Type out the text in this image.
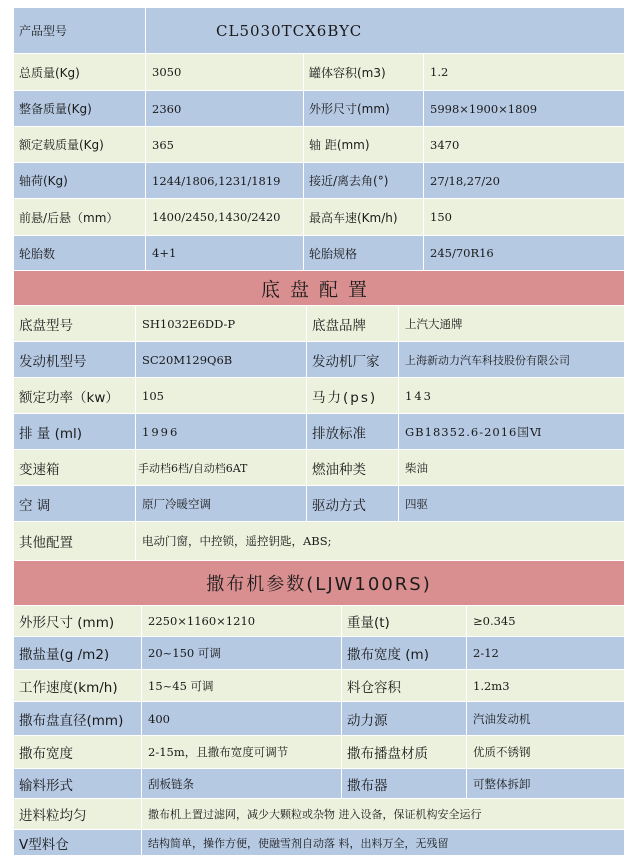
产品型号	CL5030TCX6BYC
总质量(Kg)	3050	罐体容积(m3)	1.2
整备质量(Kg)	2360	外形尺寸(mm)	5998×1900×1809
额定载质量(Kg)	365	轴 距(mm)	3470
轴荷(Kg)	1244/1806,1231/1819	接近/离去角(°)	27/18,27/20
前悬/后悬（mm）	1400/2450,1430/2420	最高车速(Km/h)	150
轮胎数	4+1	轮胎规格	245/70R16
底盘配置
底盘型号	SH1032E6DD-P	底盘品牌	上汽大通牌
发动机型号	SC20M129Q6B	发动机厂家	上海新动力汽车科技股份有限公司
额定功率（kw）	105	马力(ps)	143
排 量 (ml)	1996	排放标准	GB18352.6-2016国Ⅵ
变速箱	手动档6档/自动档6AT	燃油种类	柴油
空 调	原厂冷暖空调	驱动方式	四驱
其他配置	电动门窗，中控锁，遥控钥匙，ABS;
撒布机参数(LJW100RS)
外形尺寸 (mm)	2250×1160×1210	重量(t)	≥0.345
撒盐量(g /m2)	20~150 可调	撒布宽度 (m)	2-12
工作速度(km/h)	15~45 可调	料仓容积	1.2m3
撒布盘直径(mm)	400	动力源	汽油发动机
撒布宽度	2-15m，且撒布宽度可调节	撒布播盘材质	优质不锈钢
输料形式	刮板链条	撒布器	可整体拆卸
进料粒均匀	撒布机上置过滤网，减少大颗粒或杂物 进入设备，保证机构安全运行
V型料仓	结构简单，操作方便，使融雪剂自动落 料，出料万全，无残留
